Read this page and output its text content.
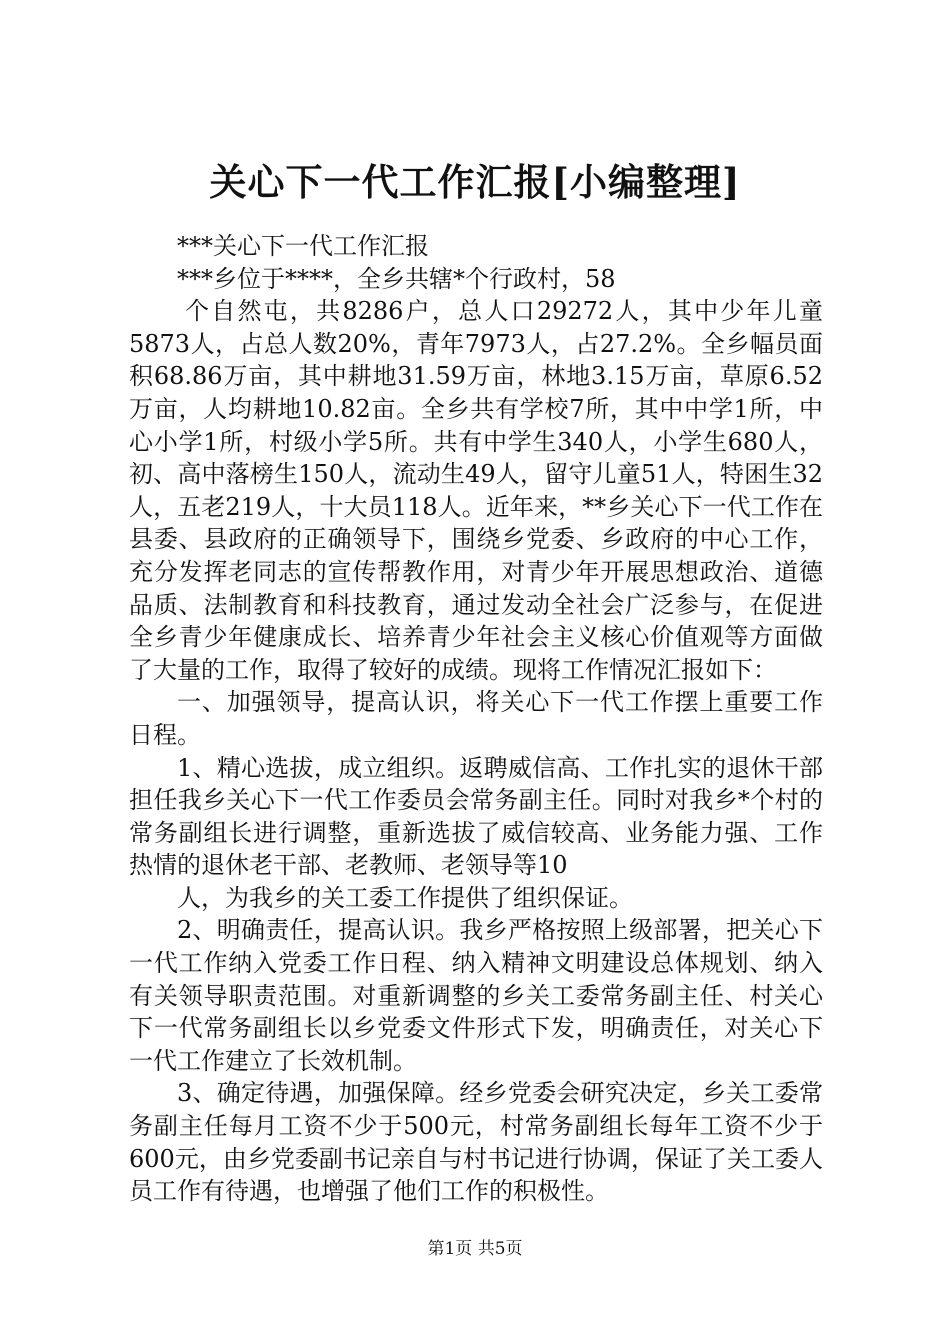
关心下一代工作汇报[小编整理]

***关心下一代工作汇报

***乡位于****，全乡共辖*个行政村，58

个自然屯，共8286户，总人口29272人，其中少年儿童5873人，占总人数20%，青年7973人，占27.2%。全乡幅员面积68.86万亩，其中耕地31.59万亩，林地3.15万亩，草原6.52万亩，人均耕地10.82亩。全乡共有学校7所，其中中学1所，中心小学1所，村级小学5所。共有中学生340人，小学生680人，初、高中落榜生150人，流动生49人，留守儿童51人，特困生32人，五老219人，十大员118人。近年来，**乡关心下一代工作在县委、县政府的正确领导下，围绕乡党委、乡政府的中心工作，充分发挥老同志的宣传帮教作用，对青少年开展思想政治、道德品质、法制教育和科技教育，通过发动全社会广泛参与，在促进全乡青少年健康成长、培养青少年社会主义核心价值观等方面做了大量的工作，取得了较好的成绩。现将工作情况汇报如下：

一、加强领导，提高认识，将关心下一代工作摆上重要工作日程。

1、精心选拔，成立组织。返聘威信高、工作扎实的退休干部担任我乡关心下一代工作委员会常务副主任。同时对我乡*个村的常务副组长进行调整，重新选拔了威信较高、业务能力强、工作热情的退休老干部、老教师、老领导等10

人，为我乡的关工委工作提供了组织保证。

2、明确责任，提高认识。我乡严格按照上级部署，把关心下一代工作纳入党委工作日程、纳入精神文明建设总体规划、纳入有关领导职责范围。对重新调整的乡关工委常务副主任、村关心下一代常务副组长以乡党委文件形式下发，明确责任，对关心下一代工作建立了长效机制。

3、确定待遇，加强保障。经乡党委会研究决定，乡关工委常务副主任每月工资不少于500元，村常务副组长每年工资不少于600元，由乡党委副书记亲自与村书记进行协调，保证了关工委人员工作有待遇，也增强了他们工作的积极性。

第1页 共5页
